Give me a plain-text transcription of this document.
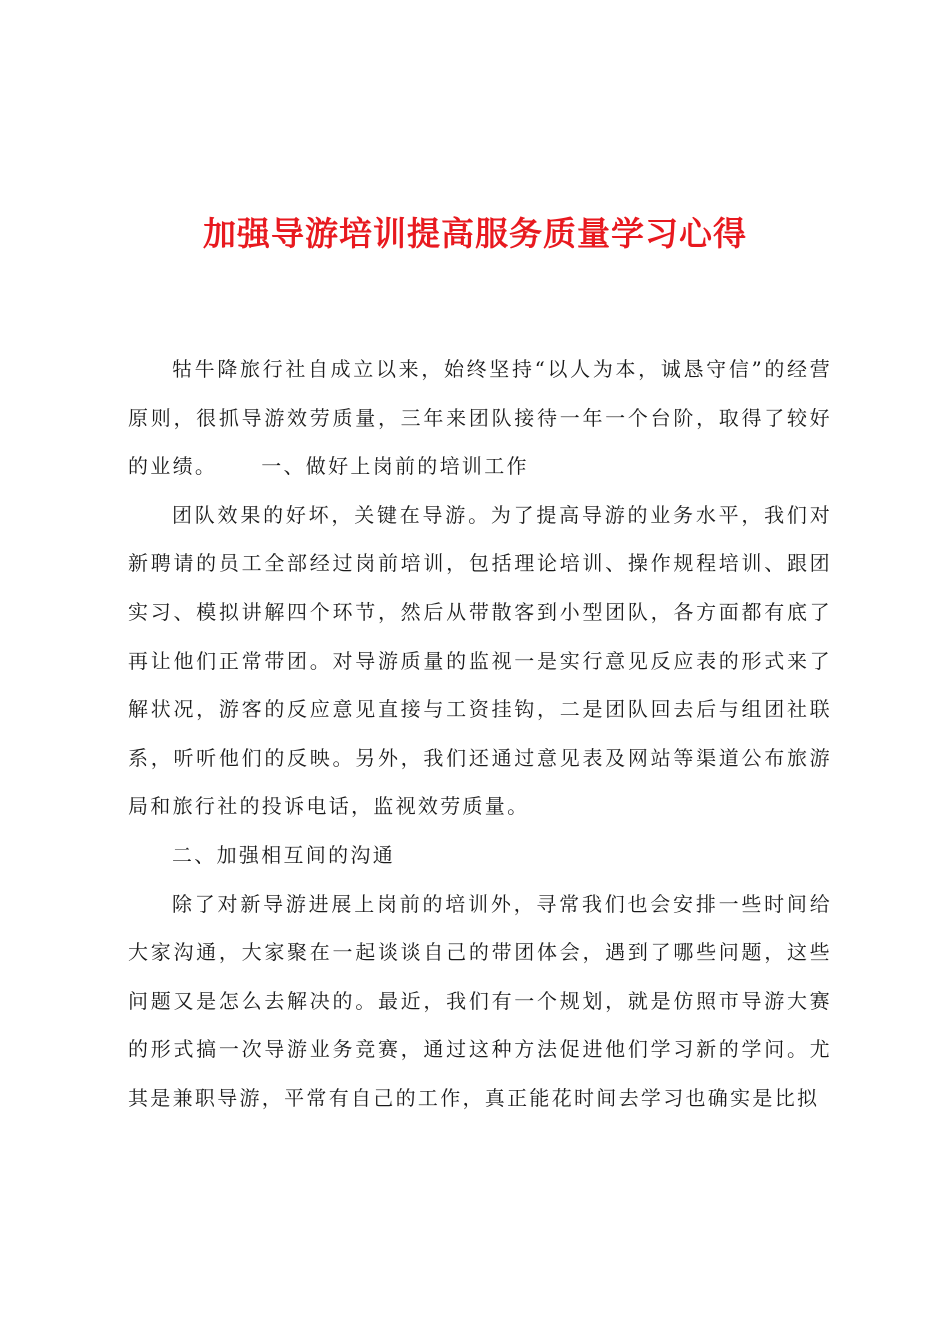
加强导游培训提高服务质量学习心得

牯牛降旅行社自成立以来，始终坚持“以人为本，诚恳守信”的经营原则，很抓导游效劳质量，三年来团队接待一年一个台阶，取得了较好的业绩。 一、做好上岗前的培训工作

团队效果的好坏，关键在导游。为了提高导游的业务水平，我们对新聘请的员工全部经过岗前培训，包括理论培训、操作规程培训、跟团实习、模拟讲解四个环节，然后从带散客到小型团队，各方面都有底了再让他们正常带团。对导游质量的监视一是实行意见反应表的形式来了解状况，游客的反应意见直接与工资挂钩，二是团队回去后与组团社联系，听听他们的反映。另外，我们还通过意见表及网站等渠道公布旅游局和旅行社的投诉电话，监视效劳质量。

二、加强相互间的沟通

除了对新导游进展上岗前的培训外，寻常我们也会安排一些时间给大家沟通，大家聚在一起谈谈自己的带团体会，遇到了哪些问题，这些问题又是怎么去解决的。最近，我们有一个规划，就是仿照市导游大赛的形式搞一次导游业务竞赛，通过这种方法促进他们学习新的学问。尤其是兼职导游，平常有自己的工作，真正能花时间去学习也确实是比拟
